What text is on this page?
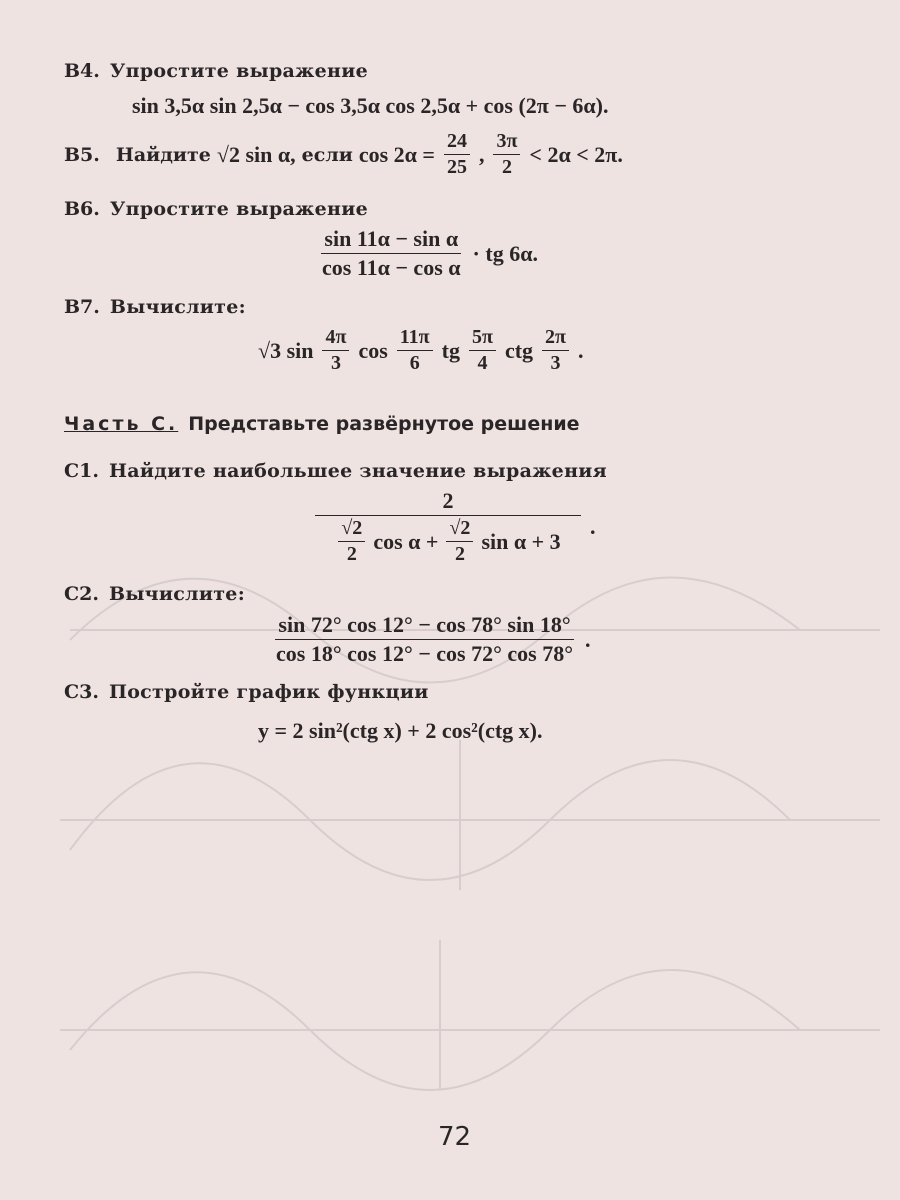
В4. Упростите выражение
sin 3,5α sin 2,5α − cos 3,5α cos 2,5α + cos (2π − 6α).
В5. Найдите √2 sin α, если $\cos 2\alpha = \frac{24}{25}$ , $\frac{3\pi}{2} < 2\alpha < 2\pi$.
В6. Упростите выражение
$\frac{\text{sin 11α − sin α}}{\text{cos 11α − cos α}}$ · tg 6α.
В7. Вычислите:
√3 $\sin \frac{4\pi}{3}$ $\cos \frac{11\pi}{6}$ tg $\frac{5\pi}{4}$ ctg $\frac{2\pi}{3}$ .
Часть С. Представьте развёрнутое решение
С1. Найдите наибольшее значение выражения
$\frac{2}{\frac{√2}{2} \cos \alpha + \frac{√2}{2} \sin \alpha + 3}$ .
С2. Вычислите:
$\frac{\sin 72^\circ \cos 12^\circ - \cos 78^\circ \sin 18^\circ}{\cos 18^\circ \cos 12^\circ - \cos 72^\circ \cos 78^\circ}$ .
С3. Постройте график функции
y = 2 sin²(ctg x) + 2 cos²(ctg x).
72
